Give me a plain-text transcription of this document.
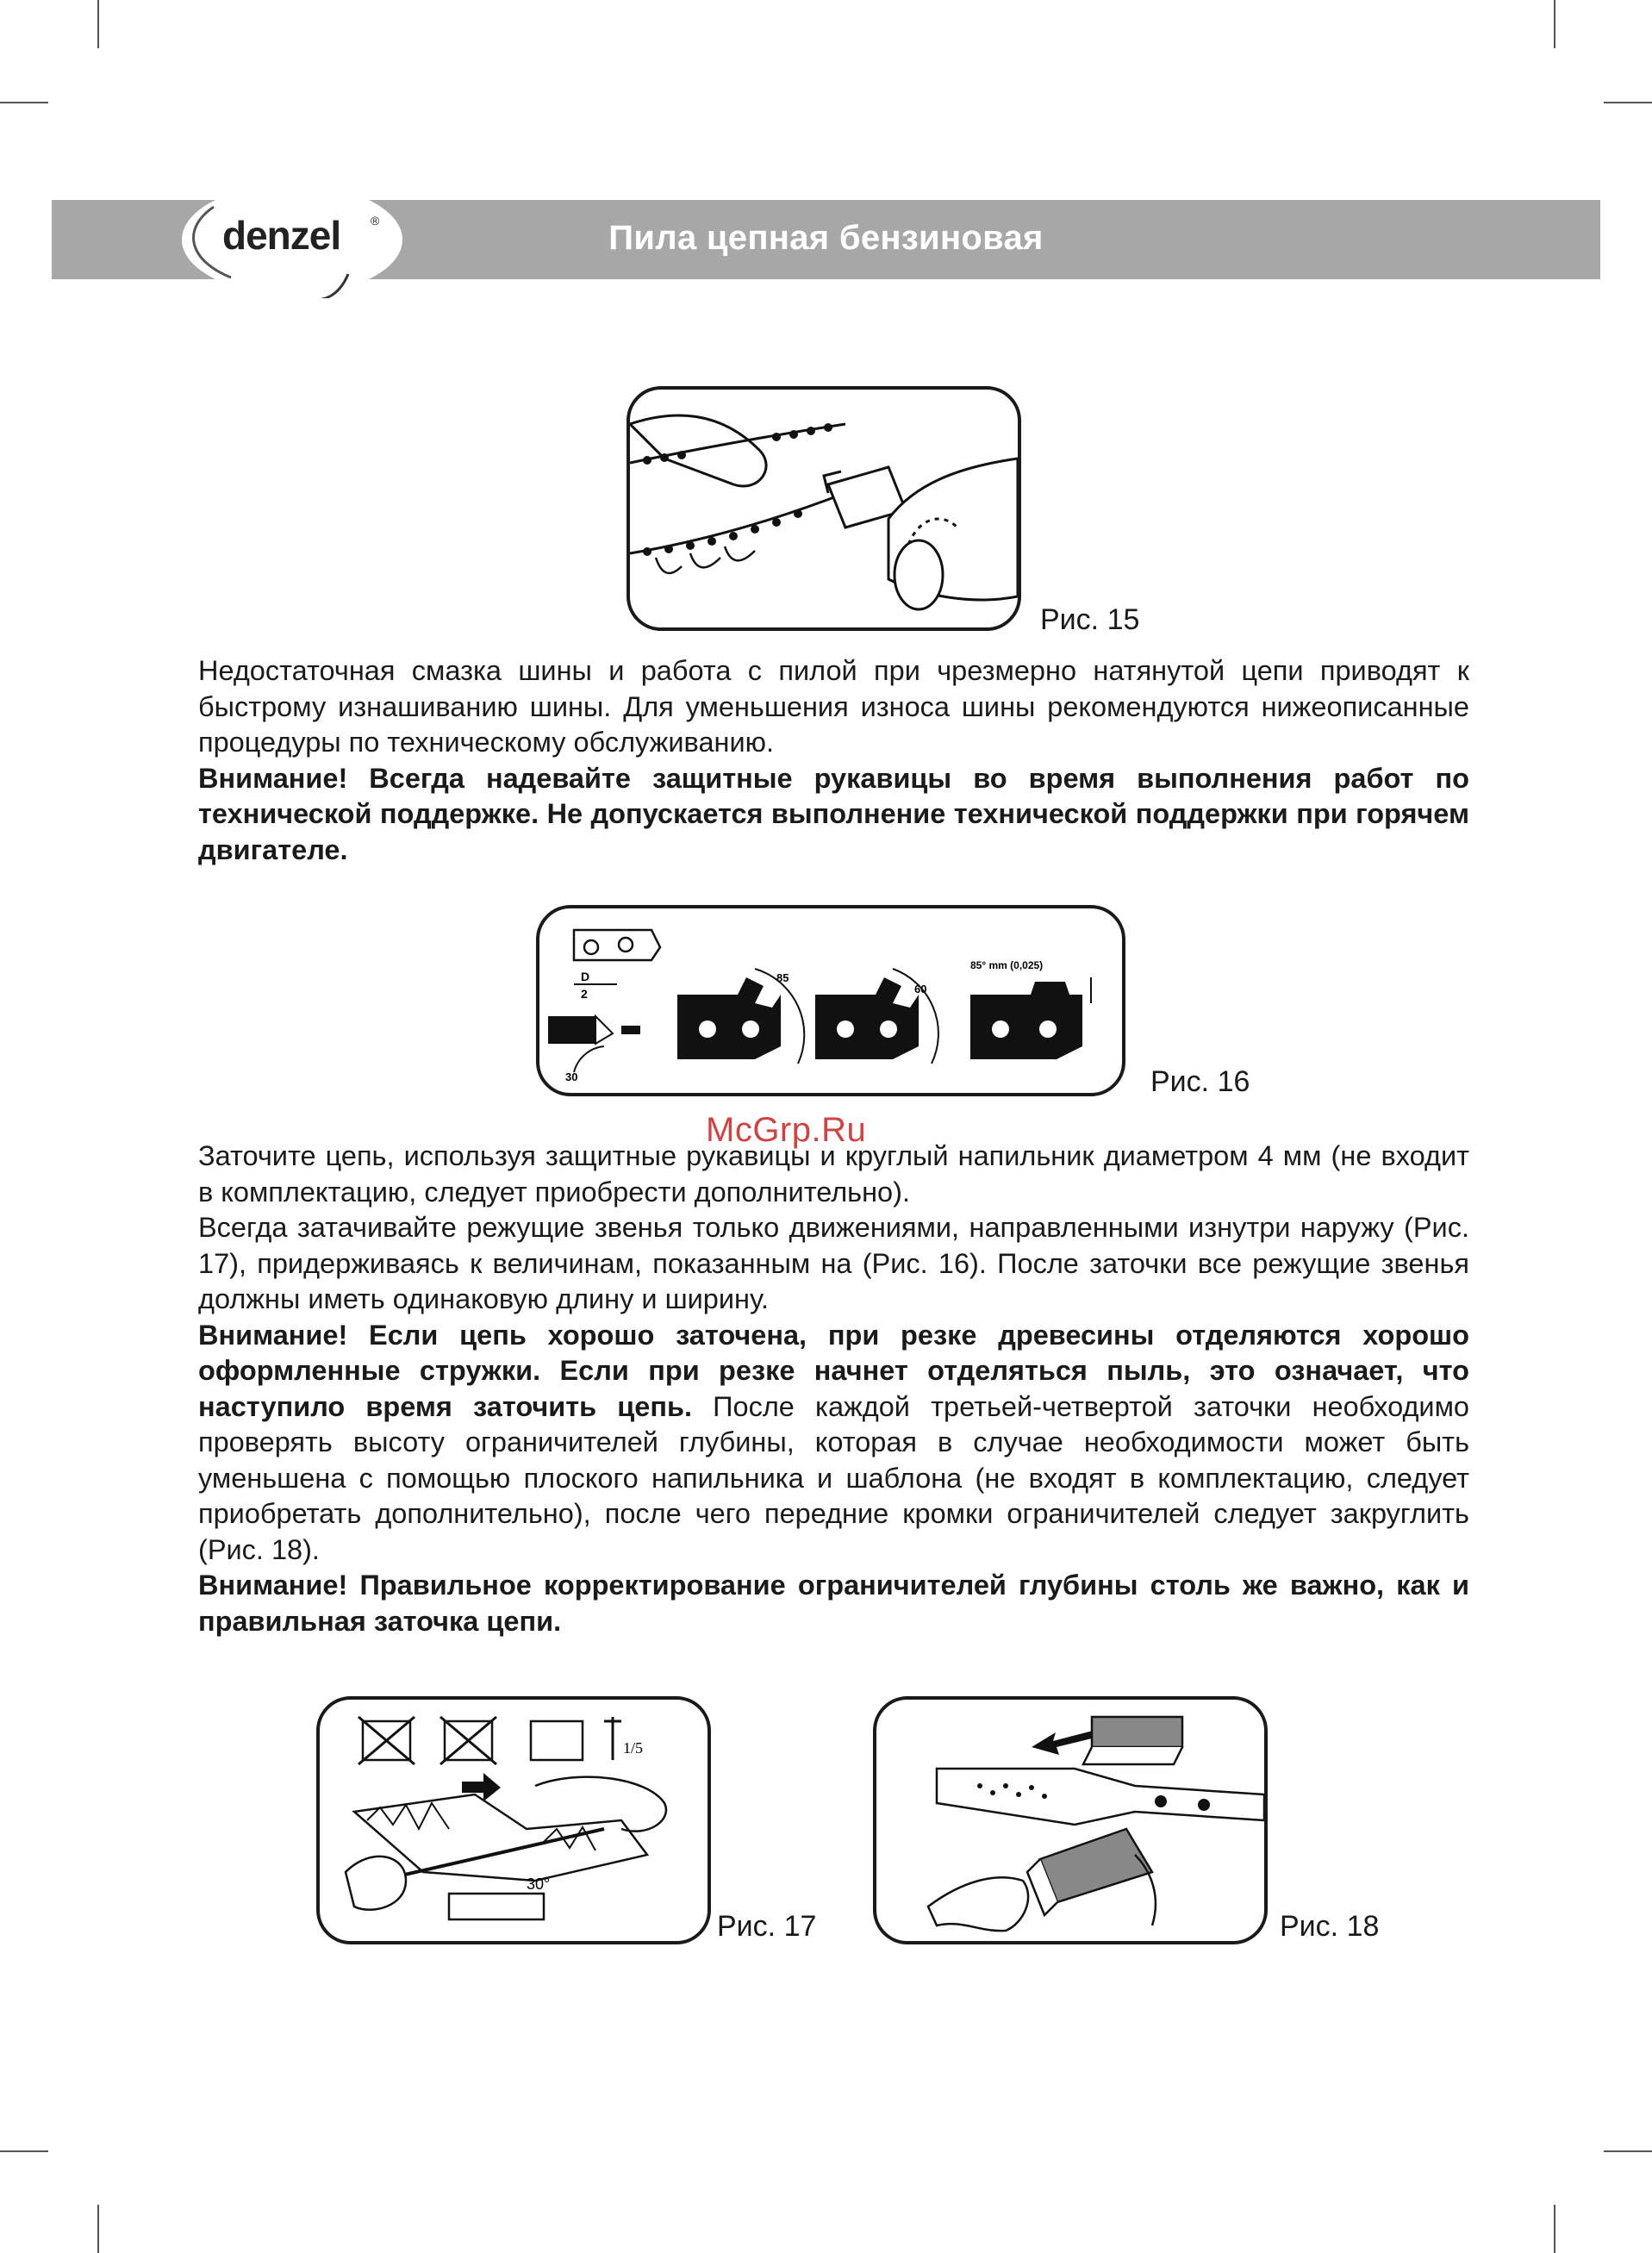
Пила цепная бензиновая
denzel ®
Рис. 15

Недостаточная смазка шины и работа с пилой при чрезмерно натянутой цепи приводят к быстрому изнашиванию шины. Для уменьшения износа шины рекомендуются нижеописанные процедуры по техническому обслуживанию.

Внимание! Всегда надевайте защитные рукавицы во время выполнения работ по технической поддержке. Не допускается выполнение технической поддержки при горячем двигателе.

D
2
30
85
60
85° mm (0,025)
Рис. 16
McGrp.Ru

Заточите цепь, используя защитные рукавицы и круглый напильник диаметром 4 мм (не входит в комплектацию, следует приобрести дополнительно).

Всегда затачивайте режущие звенья только движениями, направленными изнутри наружу (Рис. 17), придерживаясь к величинам, показанным на (Рис. 16). После заточки все режущие звенья должны иметь одинаковую длину и ширину.

Внимание! Если цепь хорошо заточена, при резке древесины отделяются хорошо оформленные стружки. Если при резке начнет отделяться пыль, это означает, что наступило время заточить цепь. После каждой третьей-четвертой заточки необходимо проверять высоту ограничителей глубины, которая в случае необходимости может быть уменьшена с помощью плоского напильника и шаблона (не входят в комплектацию, следует приобретать дополнительно), после чего передние кромки ограничителей следует закруглить (Рис. 18).

Внимание! Правильное корректирование ограничителей глубины столь же важно, как и правильная заточка цепи.

1/5
30°
Рис. 17	Рис. 18
